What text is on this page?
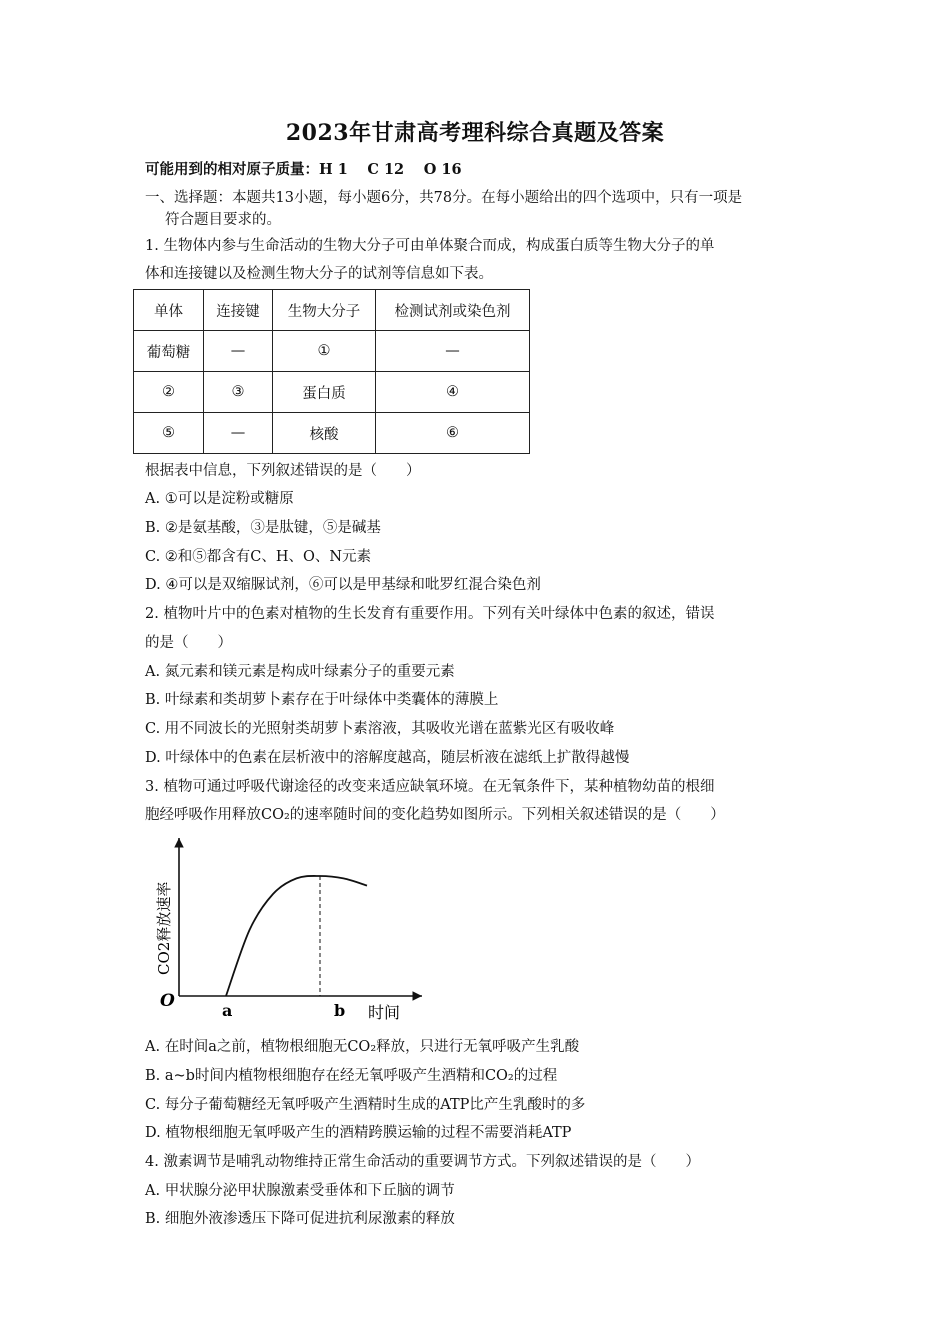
2023年甘肃高考理科综合真题及答案
可能用到的相对原子质量：H 1　 C 12　 O 16
一、选择题：本题共13小题，每小题6分，共78分。在每小题给出的四个选项中，只有一项是
符合题目要求的。
1. 生物体内参与生命活动的生物大分子可由单体聚合而成，构成蛋白质等生物大分子的单
体和连接键以及检测生物大分子的试剂等信息如下表。
单体	连接键	生物大分子	检测试剂或染色剂
葡萄糖	—	①	—
②	③	蛋白质	④
⑤	—	核酸	⑥
根据表中信息，下列叙述错误的是（　　）
A. ①可以是淀粉或糖原
B. ②是氨基酸，③是肽键，⑤是碱基
C. ②和⑤都含有C、H、O、N元素
D. ④可以是双缩脲试剂，⑥可以是甲基绿和吡罗红混合染色剂
2. 植物叶片中的色素对植物的生长发育有重要作用。下列有关叶绿体中色素的叙述，错误
的是（　　）
A. 氮元素和镁元素是构成叶绿素分子的重要元素
B. 叶绿素和类胡萝卜素存在于叶绿体中类囊体的薄膜上
C. 用不同波长的光照射类胡萝卜素溶液，其吸收光谱在蓝紫光区有吸收峰
D. 叶绿体中的色素在层析液中的溶解度越高，随层析液在滤纸上扩散得越慢
3. 植物可通过呼吸代谢途径的改变来适应缺氧环境。在无氧条件下，某种植物幼苗的根细
胞经呼吸作用释放CO₂的速率随时间的变化趋势如图所示。下列相关叙述错误的是（　　）
O	a	b 时间
CO2释放速率
A. 在时间a之前，植物根细胞无CO₂释放，只进行无氧呼吸产生乳酸
B. a~b时间内植物根细胞存在经无氧呼吸产生酒精和CO₂的过程
C. 每分子葡萄糖经无氧呼吸产生酒精时生成的ATP比产生乳酸时的多
D. 植物根细胞无氧呼吸产生的酒精跨膜运输的过程不需要消耗ATP
4. 激素调节是哺乳动物维持正常生命活动的重要调节方式。下列叙述错误的是（　　）
A. 甲状腺分泌甲状腺激素受垂体和下丘脑的调节
B. 细胞外液渗透压下降可促进抗利尿激素的释放
